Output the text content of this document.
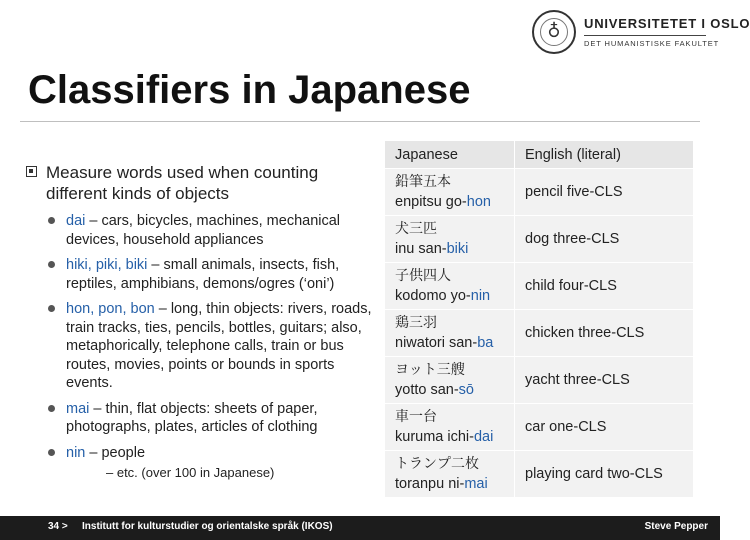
♁
UNIVERSITETET I OSLO
DET HUMANISTISKE FAKULTET
Classifiers in Japanese
Measure words used when counting different kinds of objects
dai – cars, bicycles, machines, mechanical devices, household appliances
hiki, piki, biki – small animals, insects, fish, reptiles, amphibians, demons/ogres (‘oni’)
hon, pon, bon – long, thin objects: rivers, roads, train tracks, ties, pencils, bottles, guitars; also, metaphorically, telephone calls, train or bus routes, movies, points or bounds in sports events.
mai – thin, flat objects: sheets of paper, photographs, plates, articles of clothing
nin – people
– etc. (over 100 in Japanese)
Japanese	English (literal)

鉛筆五本
enpitsu go-hon	pencil five-CLS

犬三匹
inu san-biki	dog three-CLS

子供四人
kodomo yo-nin	child four-CLS

鶏三羽
niwatori san-ba	chicken three-CLS

ヨット三艘
yotto san-sō	yacht three-CLS

車一台
kuruma ichi-dai	car one-CLS

トランプ二枚
toranpu ni-mai	playing card two-CLS
34 > Institutt for kulturstudier og orientalske språk (IKOS)	Steve Pepper
